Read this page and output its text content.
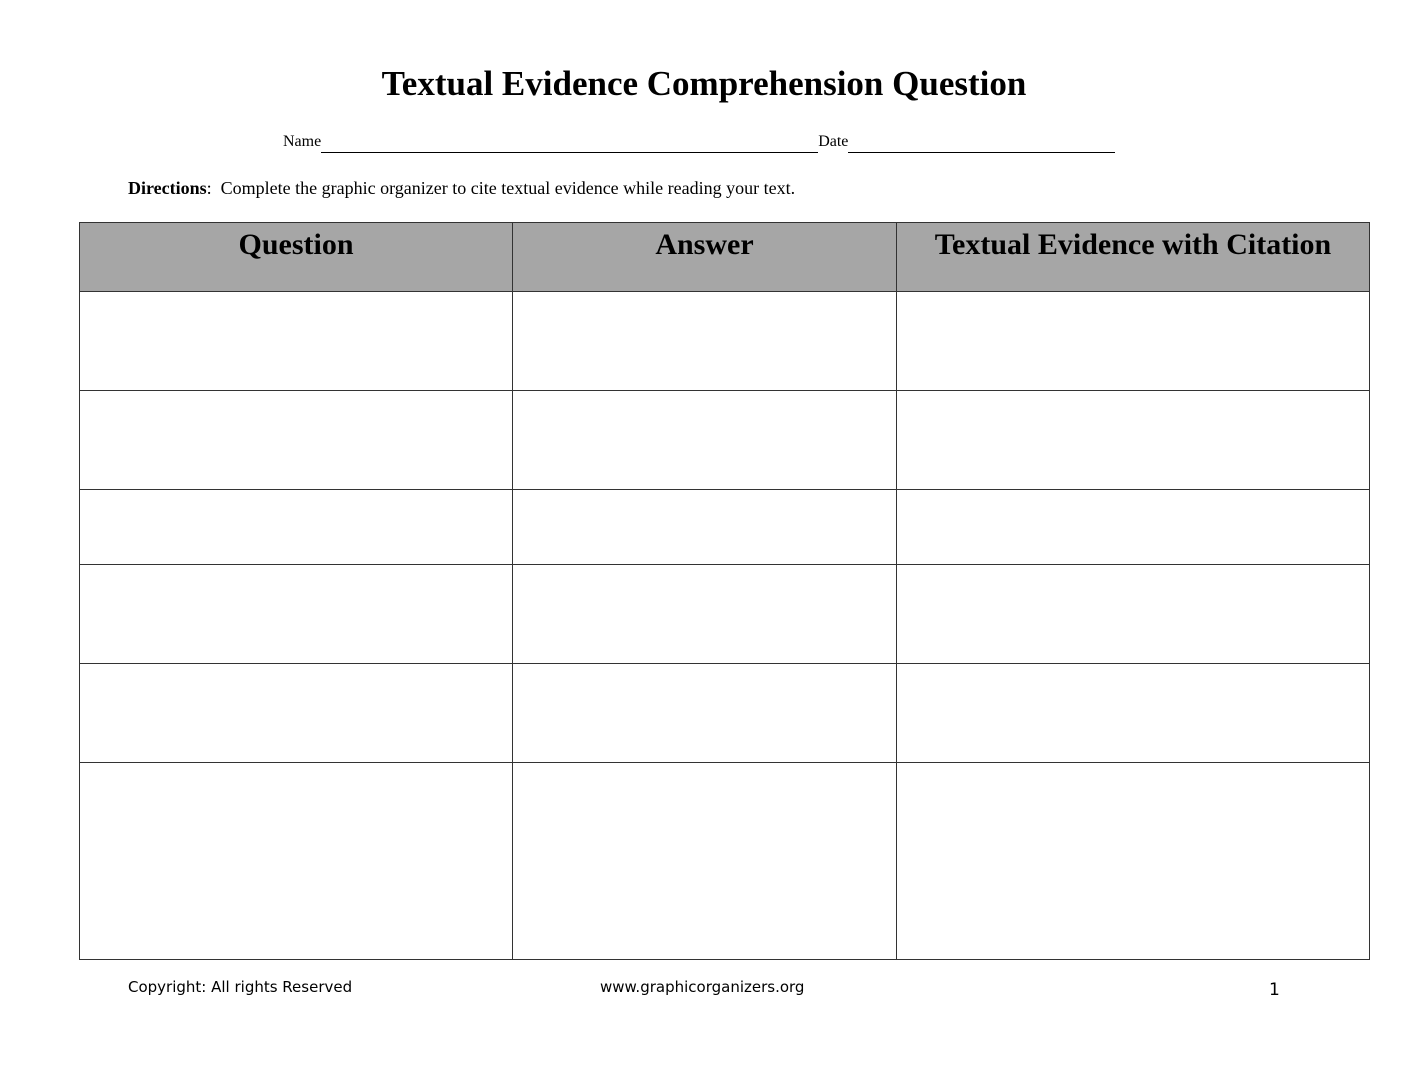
Textual Evidence Comprehension Question
Name	Date
Directions: Complete the graphic organizer to cite textual evidence while reading your text.
Question	Answer	Textual Evidence with Citation

Copyright: All rights Reserved	www.graphicorganizers.org	1
